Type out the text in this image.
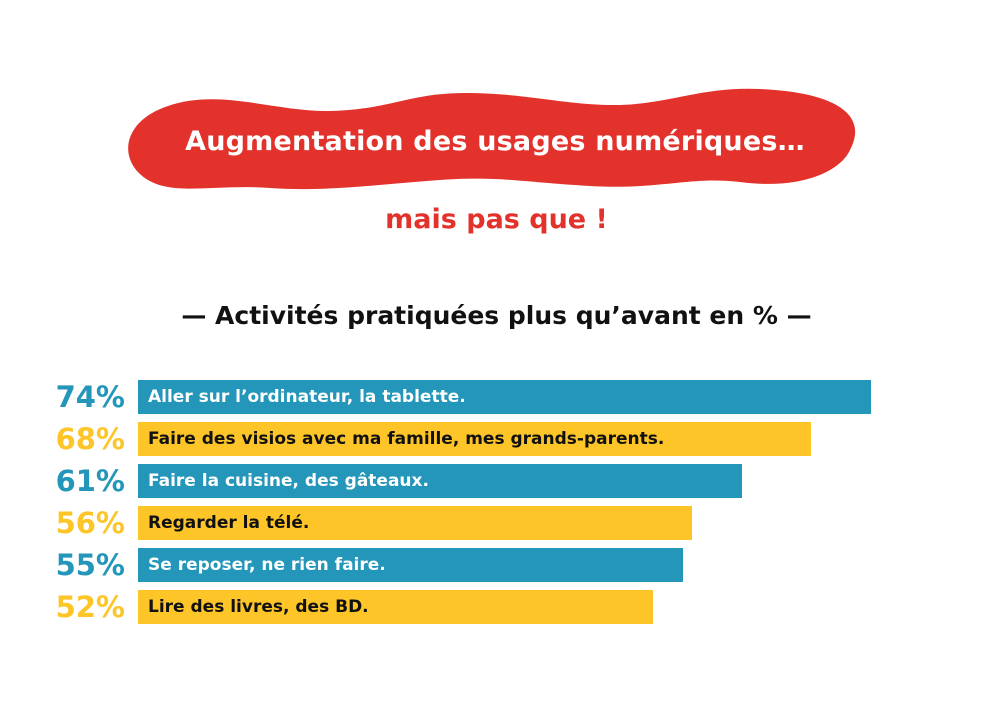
Augmentation des usages numériques…
mais pas que !
— Activités pratiquées plus qu’avant en % —
74% Aller sur l’ordinateur, la tablette.
68% Faire des visios avec ma famille, mes grands-parents.
61% Faire la cuisine, des gâteaux.
56% Regarder la télé.
55% Se reposer, ne rien faire.
52% Lire des livres, des BD.
